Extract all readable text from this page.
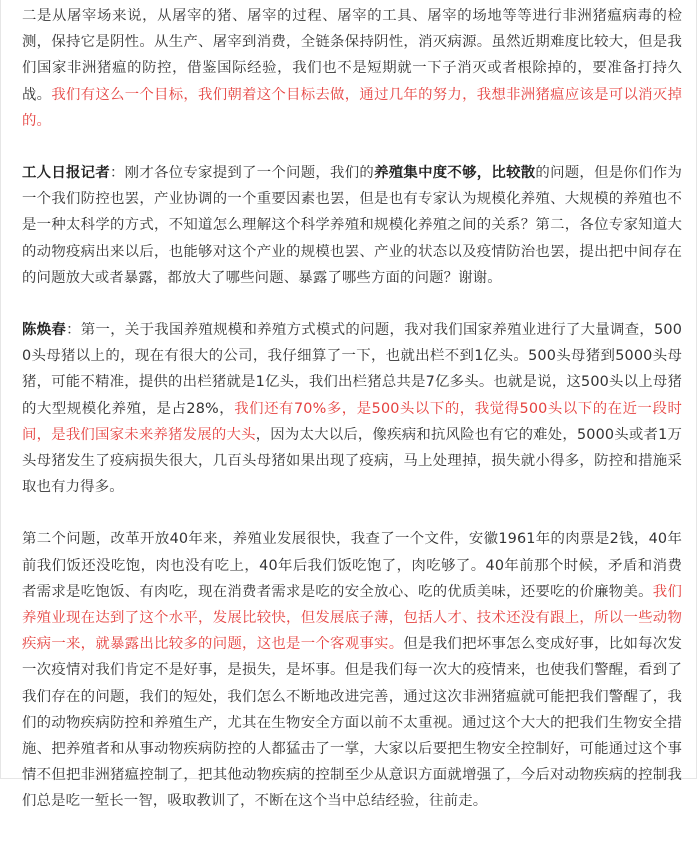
二是从屠宰场来说，从屠宰的猪、屠宰的过程、屠宰的工具、屠宰的场地等等进行非洲猪瘟病毒的检测，保持它是阴性。从生产、屠宰到消费，全链条保持阴性，消灭病源。虽然近期难度比较大，但是我们国家非洲猪瘟的防控，借鉴国际经验，我们也不是短期就一下子消灭或者根除掉的，要准备打持久战。我们有这么一个目标，我们朝着这个目标去做，通过几年的努力，我想非洲猪瘟应该是可以消灭掉的。

工人日报记者：刚才各位专家提到了一个问题，我们的养殖集中度不够，比较散的问题，但是你们作为一个我们防控也罢，产业协调的一个重要因素也罢，但是也有专家认为规模化养殖、大规模的养殖也不是一种太科学的方式，不知道怎么理解这个科学养殖和规模化养殖之间的关系？第二，各位专家知道大的动物疫病出来以后，也能够对这个产业的规模也罢、产业的状态以及疫情防治也罢，提出把中间存在的问题放大或者暴露，都放大了哪些问题、暴露了哪些方面的问题？谢谢。

陈焕春：第一，关于我国养殖规模和养殖方式模式的问题，我对我们国家养殖业进行了大量调查，5000头母猪以上的，现在有很大的公司，我仔细算了一下，也就出栏不到1亿头。500头母猪到5000头母猪，可能不精准，提供的出栏猪就是1亿头，我们出栏猪总共是7亿多头。也就是说，这500头以上母猪的大型规模化养殖，是占28%，我们还有70%多，是500头以下的，我觉得500头以下的在近一段时间，是我们国家未来养猪发展的大头，因为太大以后，像疾病和抗风险也有它的难处，5000头或者1万头母猪发生了疫病损失很大，几百头母猪如果出现了疫病，马上处理掉，损失就小得多，防控和措施采取也有力得多。

第二个问题，改革开放40年来，养殖业发展很快，我查了一个文件，安徽1961年的肉票是2钱，40年前我们饭还没吃饱，肉也没有吃上，40年后我们饭吃饱了，肉吃够了。40年前那个时候，矛盾和消费者需求是吃饱饭、有肉吃，现在消费者需求是吃的安全放心、吃的优质美味，还要吃的价廉物美。我们养殖业现在达到了这个水平，发展比较快，但发展底子薄，包括人才、技术还没有跟上，所以一些动物疾病一来，就暴露出比较多的问题，这也是一个客观事实。但是我们把坏事怎么变成好事，比如每次发一次疫情对我们肯定不是好事，是损失，是坏事。但是我们每一次大的疫情来，也使我们警醒，看到了我们存在的问题，我们的短处，我们怎么不断地改进完善，通过这次非洲猪瘟就可能把我们警醒了，我们的动物疾病防控和养殖生产，尤其在生物安全方面以前不太重视。通过这个大大的把我们生物安全措施、把养殖者和从事动物疾病防控的人都猛击了一掌，大家以后要把生物安全控制好，可能通过这个事情不但把非洲猪瘟控制了，把其他动物疾病的控制至少从意识方面就增强了，今后对动物疾病的控制我们总是吃一堑长一智，吸取教训了，不断在这个当中总结经验，往前走。
